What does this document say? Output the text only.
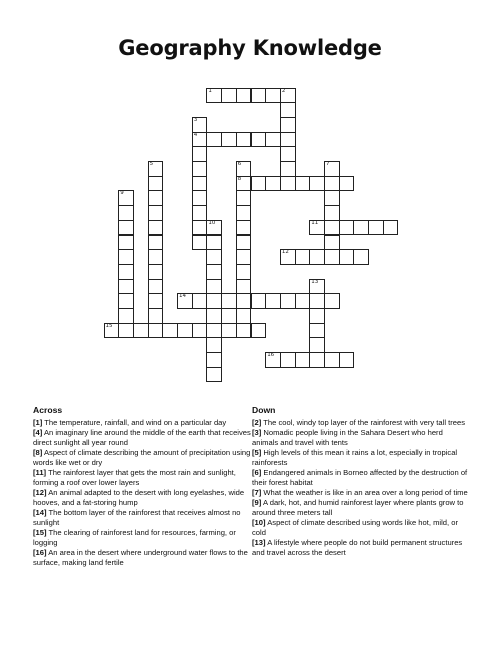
Geography Knowledge
1	2
3
4
5	6
8
7
9
10	11
12
13
14
15
16
Across

[1] The temperature, rainfall, and wind on a particular day

[4] An imaginary line around the middle of the earth that receives direct sunlight all year round

[8] Aspect of climate describing the amount of precipitation using words like wet or dry

[11] The rainforest layer that gets the most rain and sunlight, forming a roof over lower layers

[12] An animal adapted to the desert with long eyelashes, wide hooves, and a fat-storing hump

[14] The bottom layer of the rainforest that receives almost no sunlight

[15] The clearing of rainforest land for resources, farming, or logging

[16] An area in the desert where underground water flows to the surface, making land fertile

Down

[2] The cool, windy top layer of the rainforest with very tall trees

[3] Nomadic people living in the Sahara Desert who herd animals and travel with tents

[5] High levels of this mean it rains a lot, especially in tropical rainforests

[6] Endangered animals in Borneo affected by the destruction of their forest habitat

[7] What the weather is like in an area over a long period of time

[9] A dark, hot, and humid rainforest layer where plants grow to around three meters tall

[10] Aspect of climate described using words like hot, mild, or cold

[13] A lifestyle where people do not build permanent structures and travel across the desert
